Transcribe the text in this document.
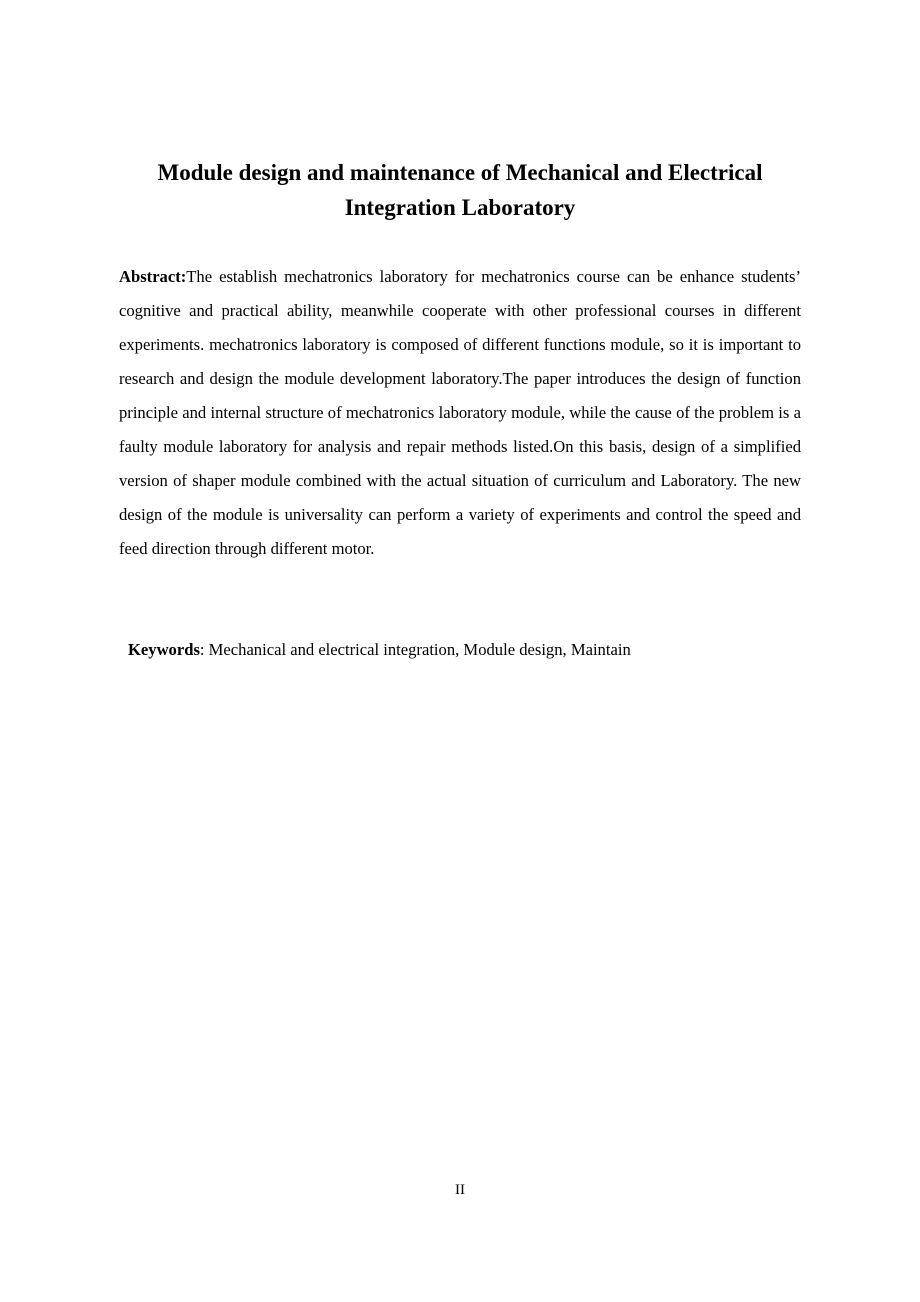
Module design and maintenance of Mechanical and Electrical Integration Laboratory

Abstract:The establish mechatronics laboratory for mechatronics course can be enhance students’ cognitive and practical ability, meanwhile cooperate with other professional courses in different experiments. mechatronics laboratory is composed of different functions module, so it is important to research and design the module development laboratory.The paper introduces the design of function principle and internal structure of mechatronics laboratory module, while the cause of the problem is a faulty module laboratory for analysis and repair methods listed.On this basis, design of a simplified version of shaper module combined with the actual situation of curriculum and Laboratory. The new design of the module is universality can perform a variety of experiments and control the speed and feed direction through different motor.

Keywords: Mechanical and electrical integration, Module design, Maintain

II
